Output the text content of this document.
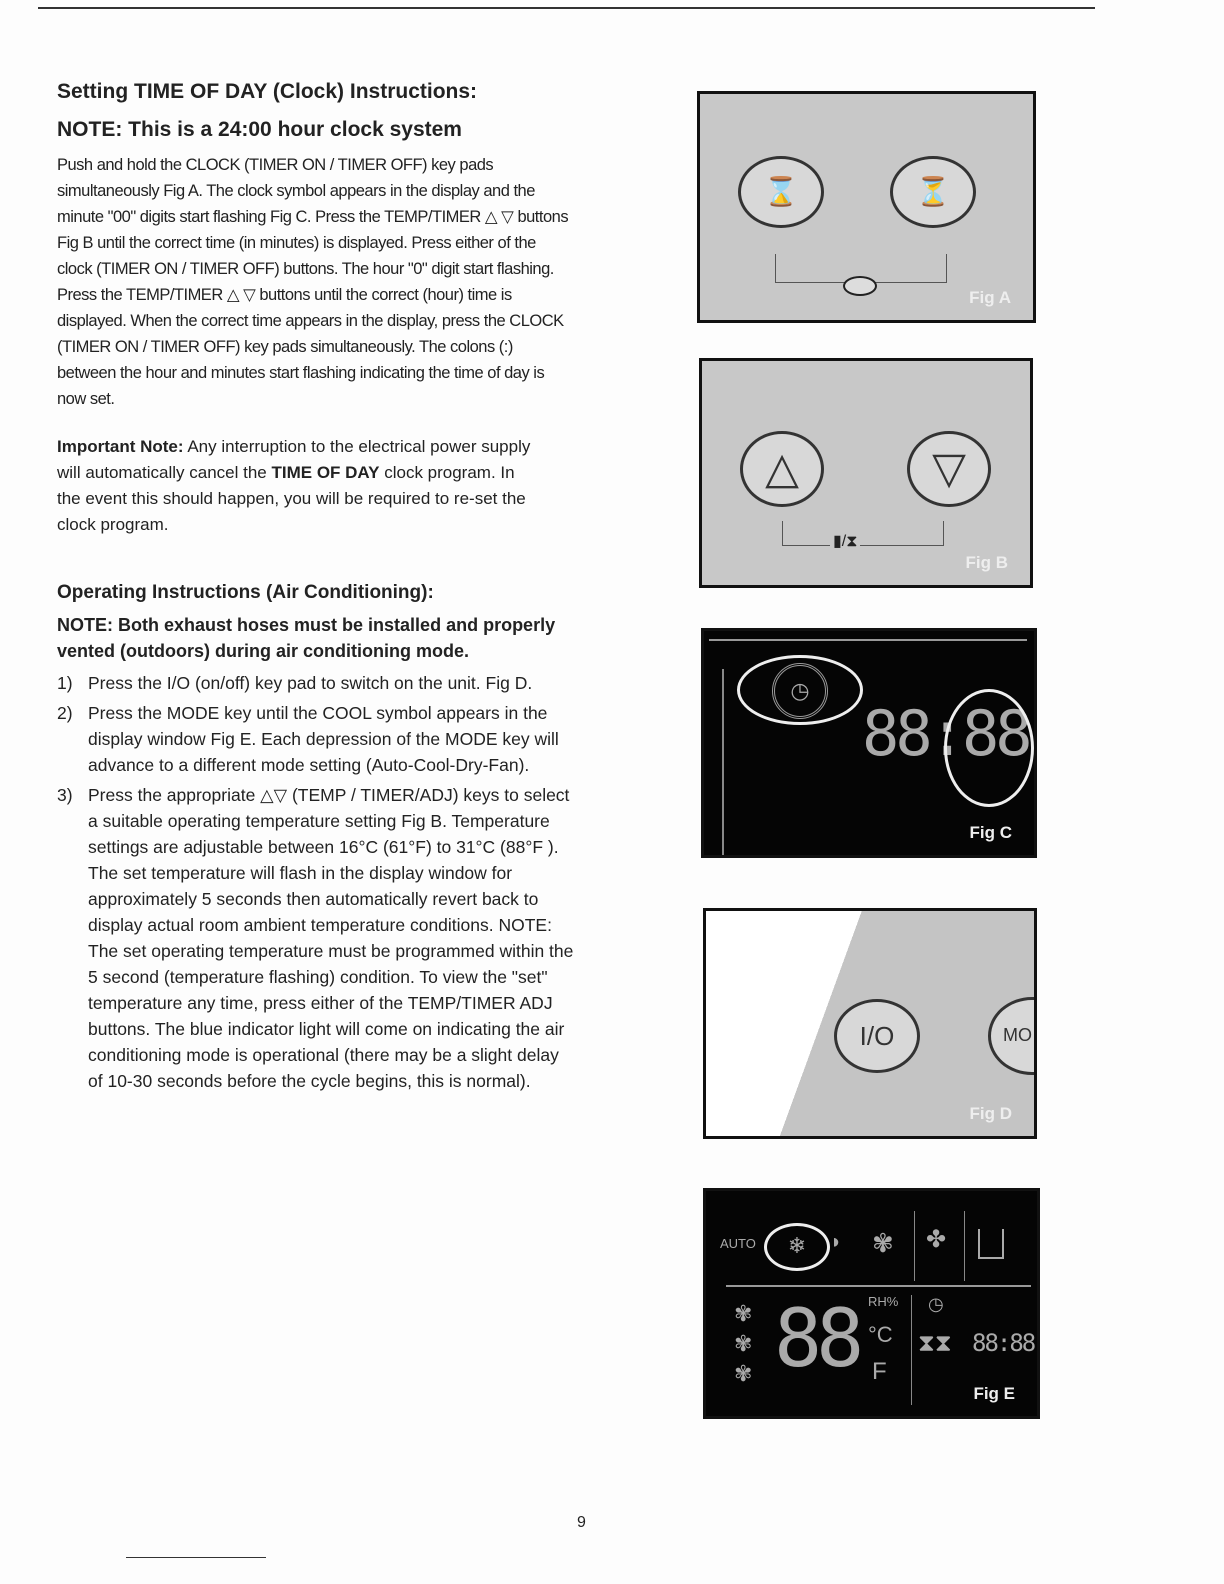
Setting TIME OF DAY (Clock) Instructions:
NOTE: This is a 24:00 hour clock system

Push and hold the CLOCK (TIMER ON / TIMER OFF) key pads simultaneously Fig A. The clock symbol appears in the display and the minute "00" digits start flashing Fig C. Press the TEMP/TIMER △ ▽ buttons Fig B until the correct time (in minutes) is displayed. Press either of the clock (TIMER ON / TIMER OFF) buttons. The hour "0" digit start flashing. Press the TEMP/TIMER △ ▽ buttons until the correct (hour) time is displayed. When the correct time appears in the display, press the CLOCK (TIMER ON / TIMER OFF) key pads simultaneously. The colons (:) between the hour and minutes start flashing indicating the time of day is now set.

Important Note: Any interruption to the electrical power supply will automatically cancel the TIME OF DAY clock program. In the event this should happen, you will be required to re-set the clock program.

Operating Instructions (Air Conditioning):
NOTE: Both exhaust hoses must be installed and properly vented (outdoors) during air conditioning mode.
1) Press the I/O (on/off) key pad to switch on the unit. Fig D.
2) Press the MODE key until the COOL symbol appears in the display window Fig E. Each depression of the MODE key will advance to a different mode setting (Auto-Cool-Dry-Fan).
3) Press the appropriate △▽ (TEMP / TIMER/ADJ) keys to select a suitable operating temperature setting Fig B. Temperature settings are adjustable between 16°C (61°F) to 31°C (88°F ). The set temperature will flash in the display window for approximately 5 seconds then automatically revert back to display actual room ambient temperature conditions. NOTE: The set operating temperature must be programmed within the 5 second (temperature flashing) condition. To view the "set" temperature any time, press either of the TEMP/TIMER ADJ buttons. The blue indicator light will come on indicating the air conditioning mode is operational (there may be a slight delay of 10-30 seconds before the cycle begins, this is normal).
⌛	⏳
Fig A
△	▽
▮/⧗
Fig B
◷
88:88
Fig C
I/O	MO
Fig D
AUTO	❄	◗ ✾ ✤
✾
✾
✾ 88 RH%
°C
F
◷
⧗⧗ 88:88
Fig E
9
